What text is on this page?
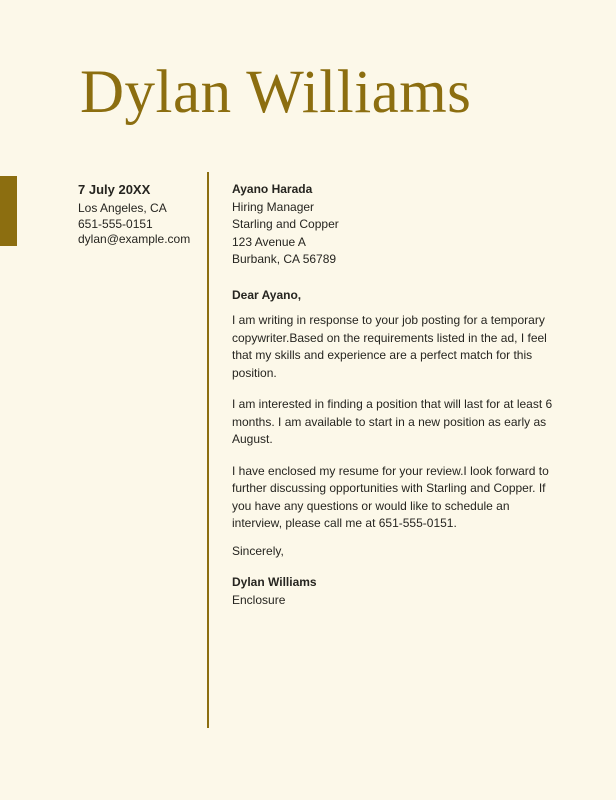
Dylan Williams
7 July 20XX
Los Angeles, CA
651-555-0151
dylan@example.com
Ayano Harada
Hiring Manager
Starling and Copper
123 Avenue A
Burbank, CA 56789

Dear Ayano,

I am writing in response to your job posting for a temporary copywriter.Based on the requirements listed in the ad, I feel that my skills and experience are a perfect match for this position.

I am interested in finding a position that will last for at least 6 months. I am available to start in a new position as early as August.

I have enclosed my resume for your review.I look forward to further discussing opportunities with Starling and Copper. If you have any questions or would like to schedule an interview, please call me at 651-555-0151.

Sincerely,

Dylan Williams

Enclosure
